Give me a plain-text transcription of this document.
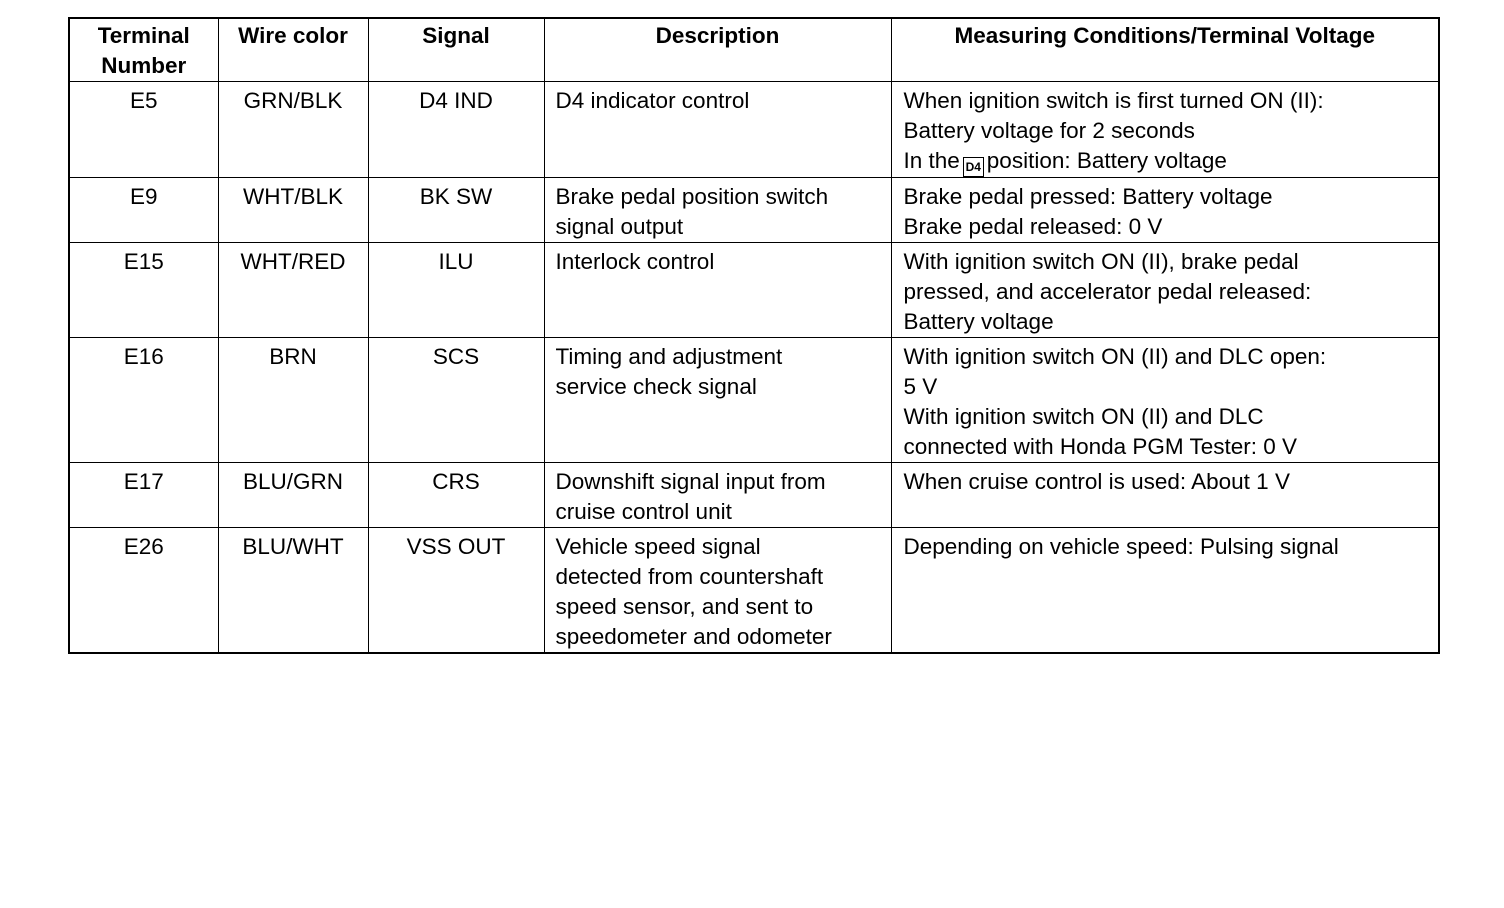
Terminal
Number	Wire color	Signal	Description	Measuring Conditions/Terminal Voltage
E5	GRN/BLK	D4 IND	D4 indicator control	When ignition switch is first turned ON (II):
Battery voltage for 2 seconds
In the D4 position: Battery voltage

E9	WHT/BLK	BK SW	Brake pedal position switch
signal output	Brake pedal pressed: Battery voltage
Brake pedal released: 0 V

E15	WHT/RED	ILU	Interlock control	With ignition switch ON (II), brake pedal
pressed, and accelerator pedal released:
Battery voltage

E16	BRN	SCS	Timing and adjustment
service check signal	With ignition switch ON (II) and DLC open:
5 V
With ignition switch ON (II) and DLC
connected with Honda PGM Tester: 0 V

E17	BLU/GRN	CRS	Downshift signal input from
cruise control unit	When cruise control is used: About 1 V

E26	BLU/WHT	VSS OUT	Vehicle speed signal
detected from countershaft
speed sensor, and sent to
speedometer and odometer	Depending on vehicle speed: Pulsing signal
